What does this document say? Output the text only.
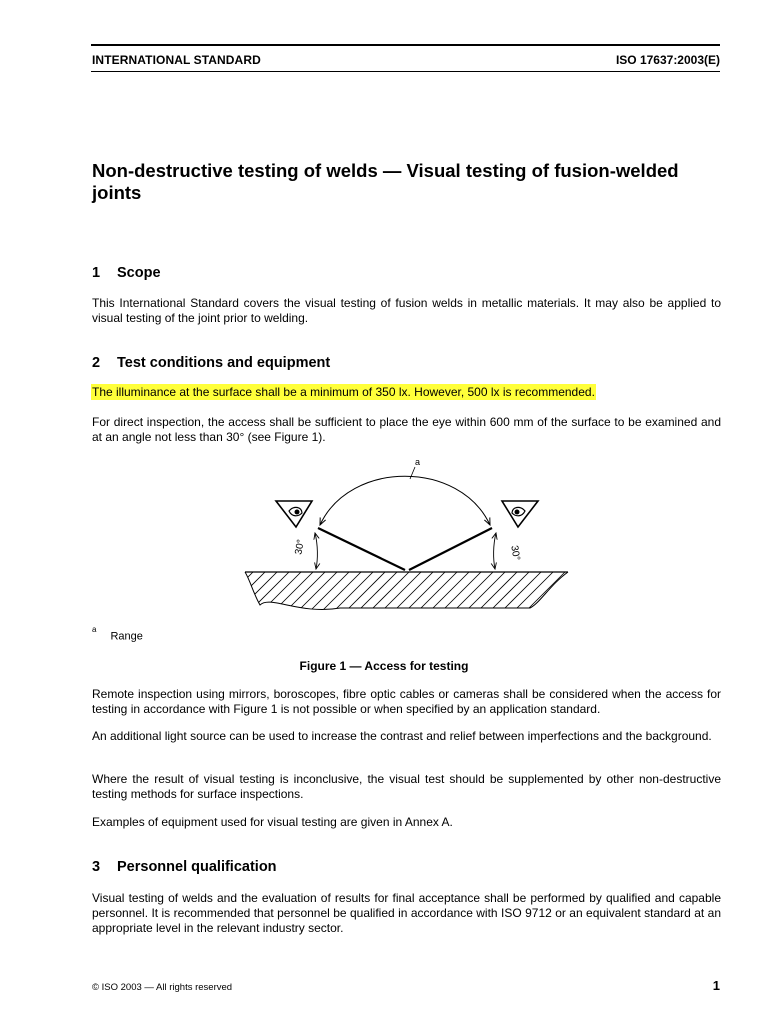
INTERNATIONAL STANDARD	ISO 17637:2003(E)
Non-destructive testing of welds — Visual testing of fusion-welded joints
1 Scope
This International Standard covers the visual testing of fusion welds in metallic materials. It may also be applied to visual testing of the joint prior to welding.
2 Test conditions and equipment
The illuminance at the surface shall be a minimum of 350 lx. However, 500 lx is recommended.
For direct inspection, the access shall be sufficient to place the eye within 600 mm of the surface to be examined and at an angle not less than 30° (see Figure 1).
a
30°	30°
$^a$Range
Figure 1 — Access for testing
Remote inspection using mirrors, boroscopes, fibre optic cables or cameras shall be considered when the access for testing in accordance with Figure 1 is not possible or when specified by an application standard.
An additional light source can be used to increase the contrast and relief between imperfections and the background.
Where the result of visual testing is inconclusive, the visual test should be supplemented by other non-destructive testing methods for surface inspections.
Examples of equipment used for visual testing are given in Annex A.
3 Personnel qualification
Visual testing of welds and the evaluation of results for final acceptance shall be performed by qualified and capable personnel. It is recommended that personnel be qualified in accordance with ISO 9712 or an equivalent standard at an appropriate level in the relevant industry sector.
© ISO 2003 — All rights reserved	1
